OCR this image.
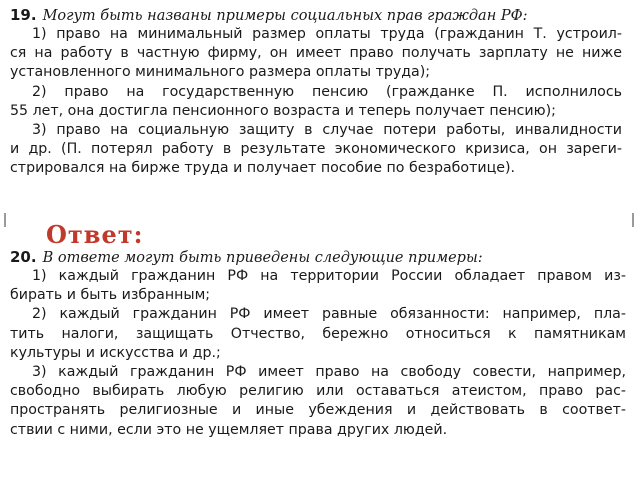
19. Могут быть названы примеры социальных прав граждан РФ:

1) право на минимальный размер оплаты труда (гражданин Т. устроил-
ся на работу в частную фирму, он имеет право получать зарплату не ниже
установленного минимального размера оплаты труда);

2) право на государственную пенсию (гражданке П. исполнилось
55 лет, она достигла пенсионного возраста и теперь получает пенсию);

3) право на социальную защиту в случае потери работы, инвалидности
и др. (П. потерял работу в результате экономического кризиса, он зареги-
стрировался на бирже труда и получает пособие по безработице).

20. В ответе могут быть приведены следующие примеры:

1) каждый гражданин РФ на территории России обладает правом из-
бирать и быть избранным;

2) каждый гражданин РФ имеет равные обязанности: например, пла-
тить налоги, защищать Отчество, бережно относиться к памятникам
культуры и искусства и др.;

3) каждый гражданин РФ имеет право на свободу совести, например,
свободно выбирать любую религию или оставаться атеистом, право рас-
пространять религиозные и иные убеждения и действовать в соответ-
ствии с ними, если это не ущемляет права других людей.

Ответ:
